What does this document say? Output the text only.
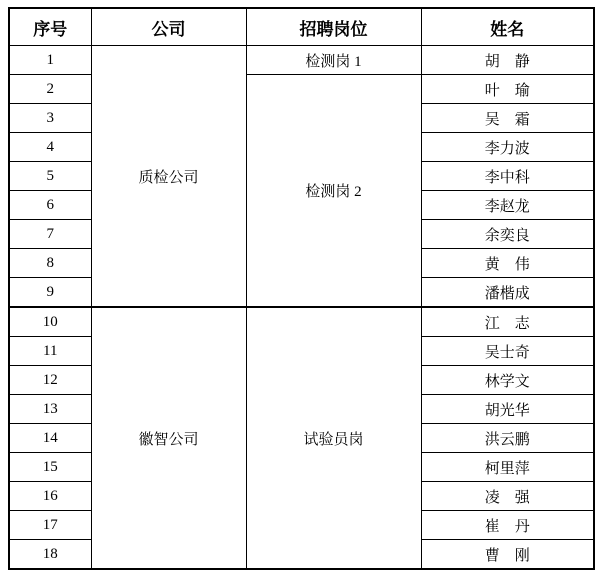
序号	公司	招聘岗位	姓名
1	质检公司	检测岗 1	胡　静
2		检测岗 2	叶　瑜
3			吴　霜
4			李力波
5			李中科
6			李赵龙
7			余奕良
8			黄　伟
9			潘楷成
10	徽智公司	试验员岗	江　志
11			吴士奇
12			林学文
13			胡光华
14			洪云鹏
15			柯里萍
16			凌　强
17			崔　丹
18			曹　刚
